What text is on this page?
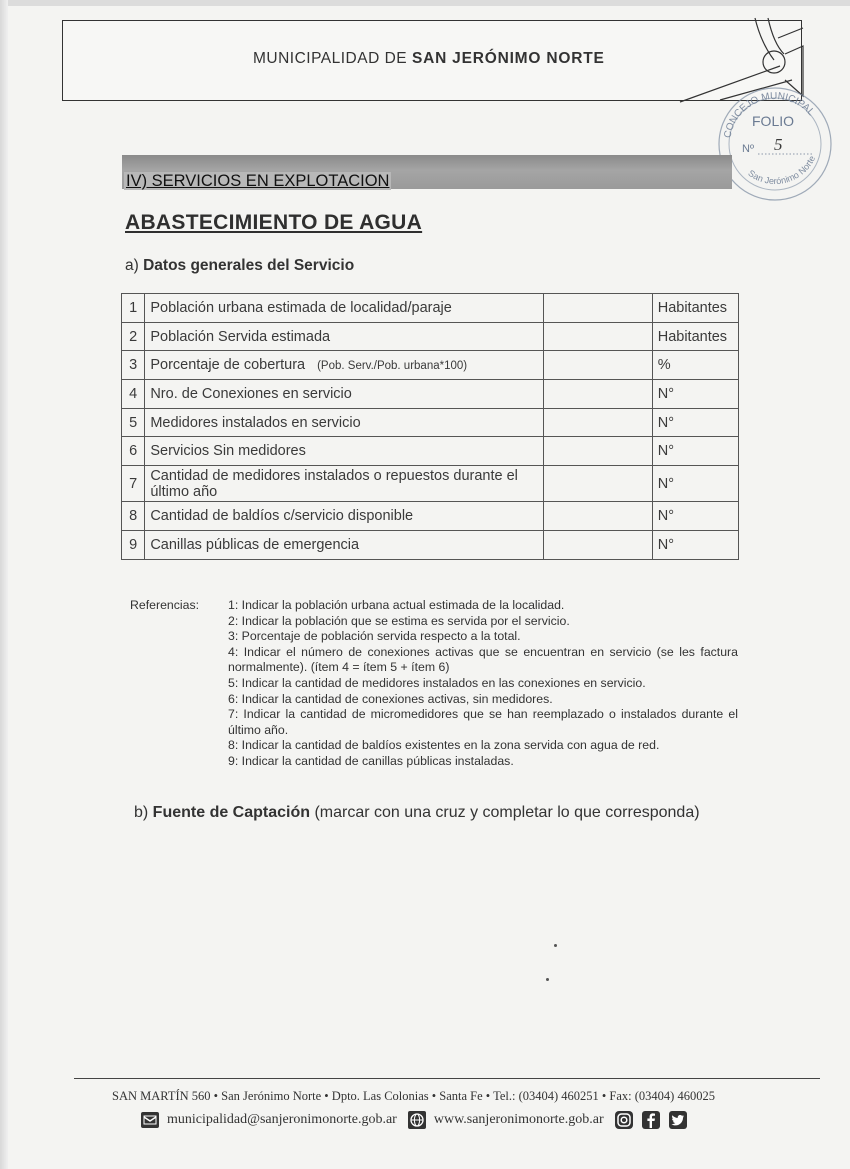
MUNICIPALIDAD DE SAN JERÓNIMO NORTE
CONCEJO MUNICIPAL
San Jerónimo Norte
FOLIO
Nº 5
IV) SERVICIOS EN EXPLOTACION
ABASTECIMIENTO DE AGUA
a) Datos generales del Servicio
1	Población urbana estimada de localidad/paraje		Habitantes
2	Población Servida estimada		Habitantes
3	Porcentaje de cobertura (Pob. Serv./Pob. urbana*100)		%
4	Nro. de Conexiones en servicio		N°
5	Medidores instalados en servicio		N°
6	Servicios Sin medidores		N°
7	Cantidad de medidores instalados o repuestos durante el último año		N°
8	Cantidad de baldíos c/servicio disponible		N°
9	Canillas públicas de emergencia		N°
Referencias: 1: Indicar la población urbana actual estimada de la localidad.
2: Indicar la población que se estima es servida por el servicio.
3: Porcentaje de población servida respecto a la total.
4: Indicar el número de conexiones activas que se encuentran en servicio (se les factura normalmente). (ítem 4 = ítem 5 + ítem 6)
5: Indicar la cantidad de medidores instalados en las conexiones en servicio.
6: Indicar la cantidad de conexiones activas, sin medidores.
7: Indicar la cantidad de micromedidores que se han reemplazado o instalados durante el último año.
8: Indicar la cantidad de baldíos existentes en la zona servida con agua de red.
9: Indicar la cantidad de canillas públicas instaladas.
b) Fuente de Captación (marcar con una cruz y completar lo que corresponda)
SAN MARTÍN 560 • San Jerónimo Norte • Dpto. Las Colonias • Santa Fe • Tel.: (03404) 460251 • Fax: (03404) 460025
municipalidad@sanjeronimonorte.gob.ar	www.sanjeronimonorte.gob.ar
